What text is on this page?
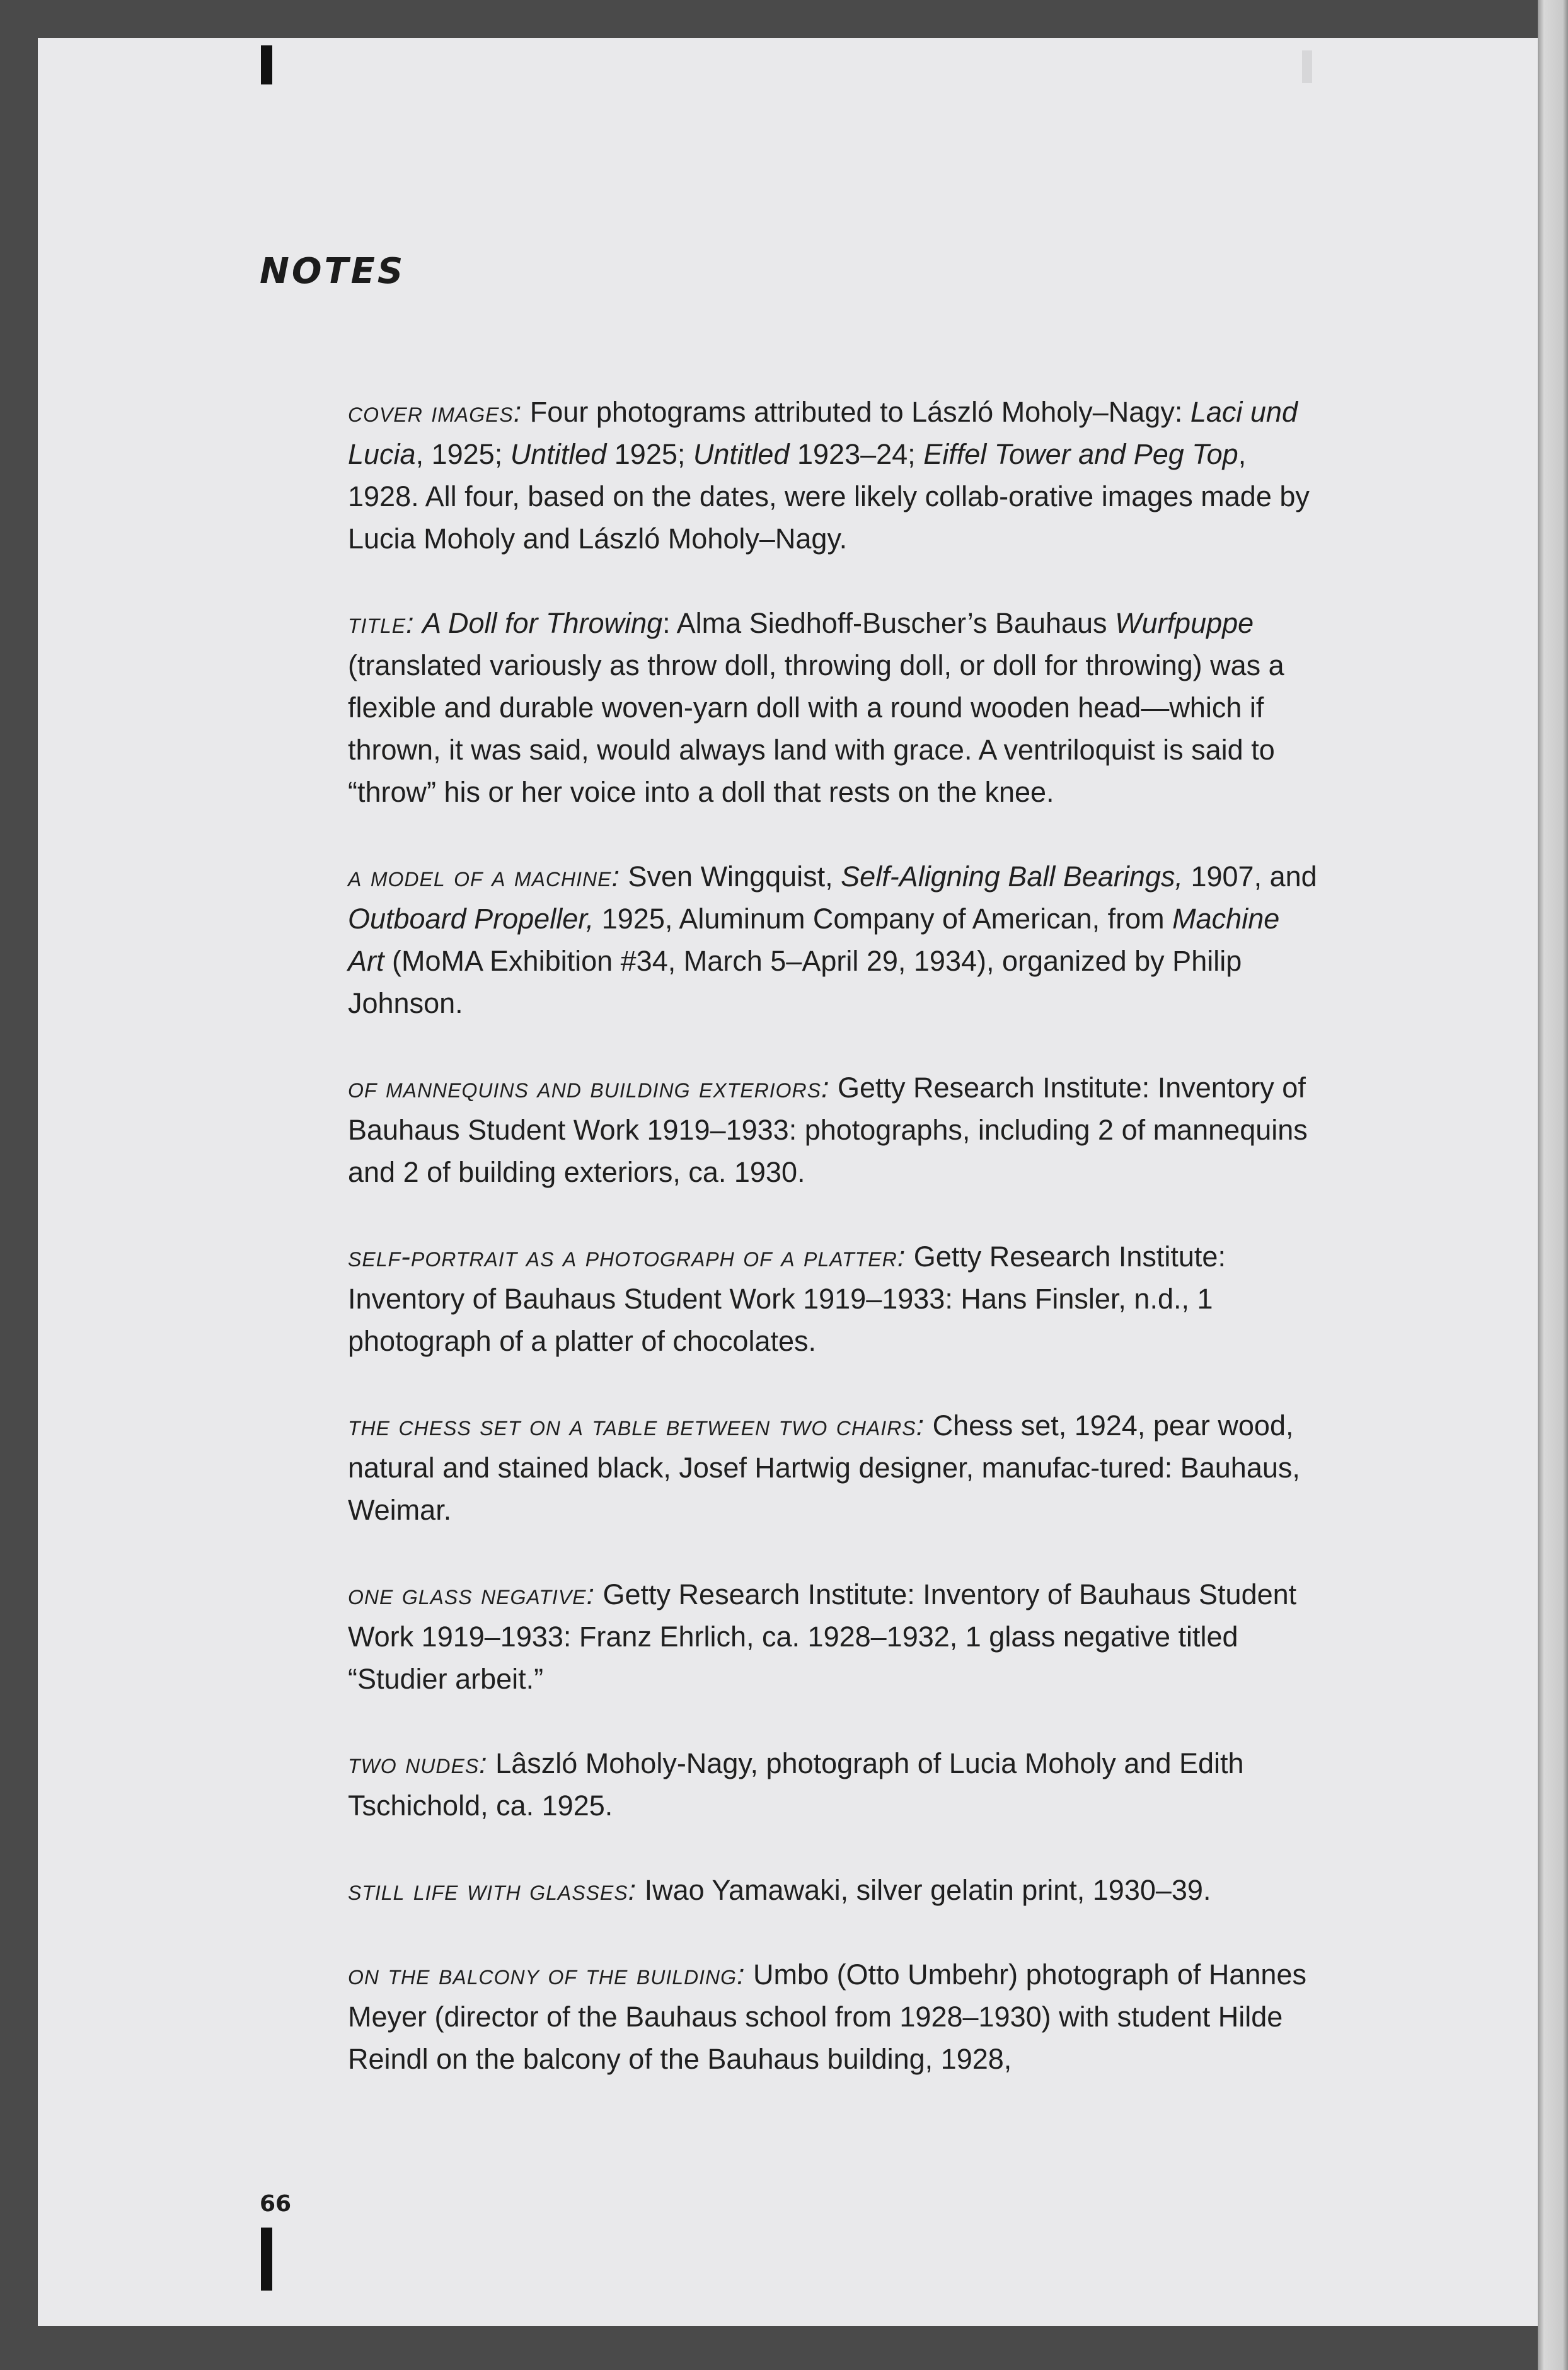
NOTES

cover images: Four photograms attributed to László Moholy–Nagy: Laci und Lucia, 1925; Untitled 1925; Untitled 1923–24; Eiffel Tower and Peg Top, 1928. All four, based on the dates, were likely collab-orative images made by Lucia Moholy and László Moholy–Nagy.

title: A Doll for Throwing: Alma Siedhoff-Buscher’s Bauhaus Wurfpuppe (translated variously as throw doll, throwing doll, or doll for throwing) was a flexible and durable woven-yarn doll with a round wooden head—which if thrown, it was said, would always land with grace. A ventriloquist is said to “throw” his or her voice into a doll that rests on the knee.

a model of a machine: Sven Wingquist, Self-Aligning Ball Bearings, 1907, and Outboard Propeller, 1925, Aluminum Company of American, from Machine Art (MoMA Exhibition #34, March 5–April 29, 1934), organized by Philip Johnson.

of mannequins and building exteriors: Getty Research Institute: Inventory of Bauhaus Student Work 1919–1933: photographs, including 2 of mannequins and 2 of building exteriors, ca. 1930.

self-portrait as a photograph of a platter: Getty Research Institute: Inventory of Bauhaus Student Work 1919–1933: Hans Finsler, n.d., 1 photograph of a platter of chocolates.

the chess set on a table between two chairs: Chess set, 1924, pear wood, natural and stained black, Josef Hartwig designer, manufac-tured: Bauhaus, Weimar.

one glass negative: Getty Research Institute: Inventory of Bauhaus Student Work 1919–1933: Franz Ehrlich, ca. 1928–1932, 1 glass negative titled “Studier arbeit.”

two nudes: Lâszló Moholy-Nagy, photograph of Lucia Moholy and Edith Tschichold, ca. 1925.

still life with glasses: Iwao Yamawaki, silver gelatin print, 1930–39.

on the balcony of the building: Umbo (Otto Umbehr) photograph of Hannes Meyer (director of the Bauhaus school from 1928–1930) with student Hilde Reindl on the balcony of the Bauhaus building, 1928,

66
